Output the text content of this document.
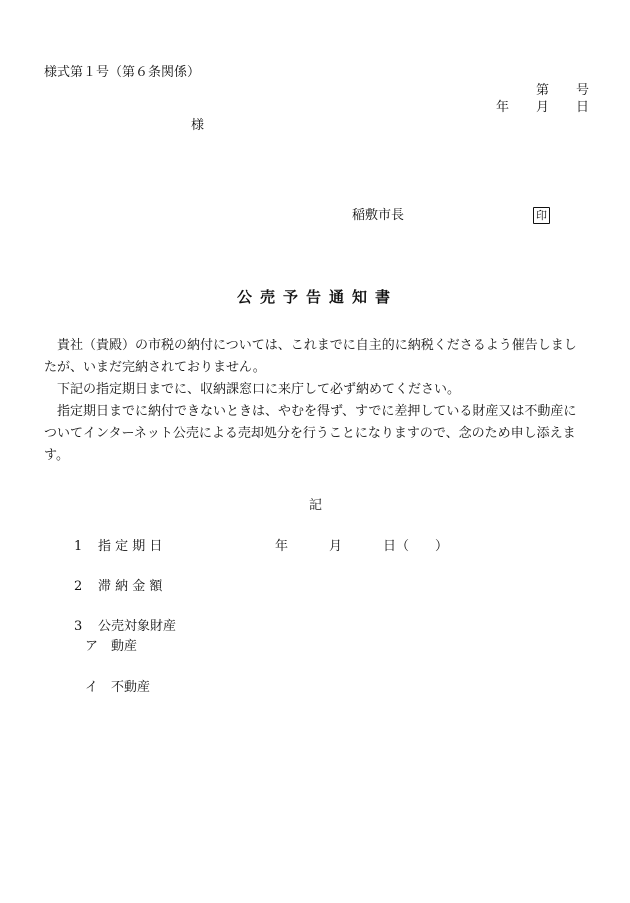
様式第１号（第６条関係）
第 号
年 月 日
様
稲敷市長	印
公売予告通知書

貴社（貴殿）の市税の納付については、これまでに自主的に納税くださるよう催告しましたが、いまだ完納されておりません。

下記の指定期日までに、収納課窓口に来庁して必ず納めてください。

指定期日までに納付できないときは、やむを得ず、すでに差押している財産又は不動産についてインターネット公売による売却処分を行うことになりますので、念のため申し添えます。

記
1 指 定 期 日	年	月	日（　　）
2 滞 納 金 額
3 公売対象財産
ア 動産
イ 不動産
